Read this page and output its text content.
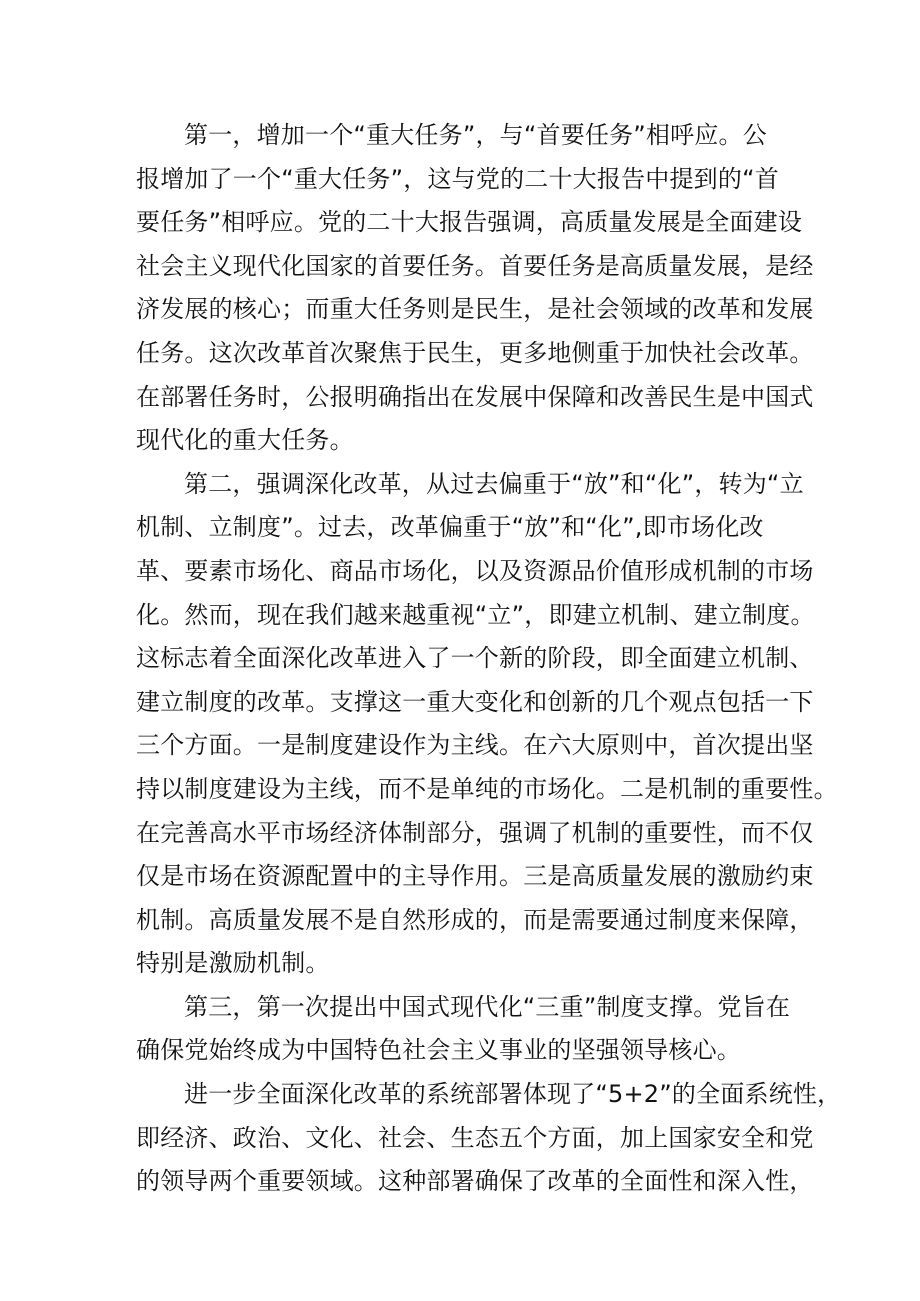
第一，增加一个“重大任务”，与“首要任务”相呼应。公
报增加了一个“重大任务”，这与党的二十大报告中提到的“首
要任务”相呼应。党的二十大报告强调，高质量发展是全面建设
社会主义现代化国家的首要任务。首要任务是高质量发展，是经
济发展的核心；而重大任务则是民生，是社会领域的改革和发展
任务。这次改革首次聚焦于民生，更多地侧重于加快社会改革。
在部署任务时，公报明确指出在发展中保障和改善民生是中国式
现代化的重大任务。
第二，强调深化改革，从过去偏重于“放”和“化”，转为“立
机制、立制度”。过去，改革偏重于“放”和“化”,即市场化改
革、要素市场化、商品市场化，以及资源品价值形成机制的市场
化。然而，现在我们越来越重视“立”，即建立机制、建立制度。
这标志着全面深化改革进入了一个新的阶段，即全面建立机制、
建立制度的改革。支撑这一重大变化和创新的几个观点包括一下
三个方面。一是制度建设作为主线。在六大原则中，首次提出坚
持以制度建设为主线，而不是单纯的市场化。二是机制的重要性。
在完善高水平市场经济体制部分，强调了机制的重要性，而不仅
仅是市场在资源配置中的主导作用。三是高质量发展的激励约束
机制。高质量发展不是自然形成的，而是需要通过制度来保障，
特别是激励机制。
第三，第一次提出中国式现代化“三重”制度支撑。党旨在
确保党始终成为中国特色社会主义事业的坚强领导核心。
进一步全面深化改革的系统部署体现了“5+2”的全面系统性，
即经济、政治、文化、社会、生态五个方面，加上国家安全和党
的领导两个重要领域。这种部署确保了改革的全面性和深入性，
